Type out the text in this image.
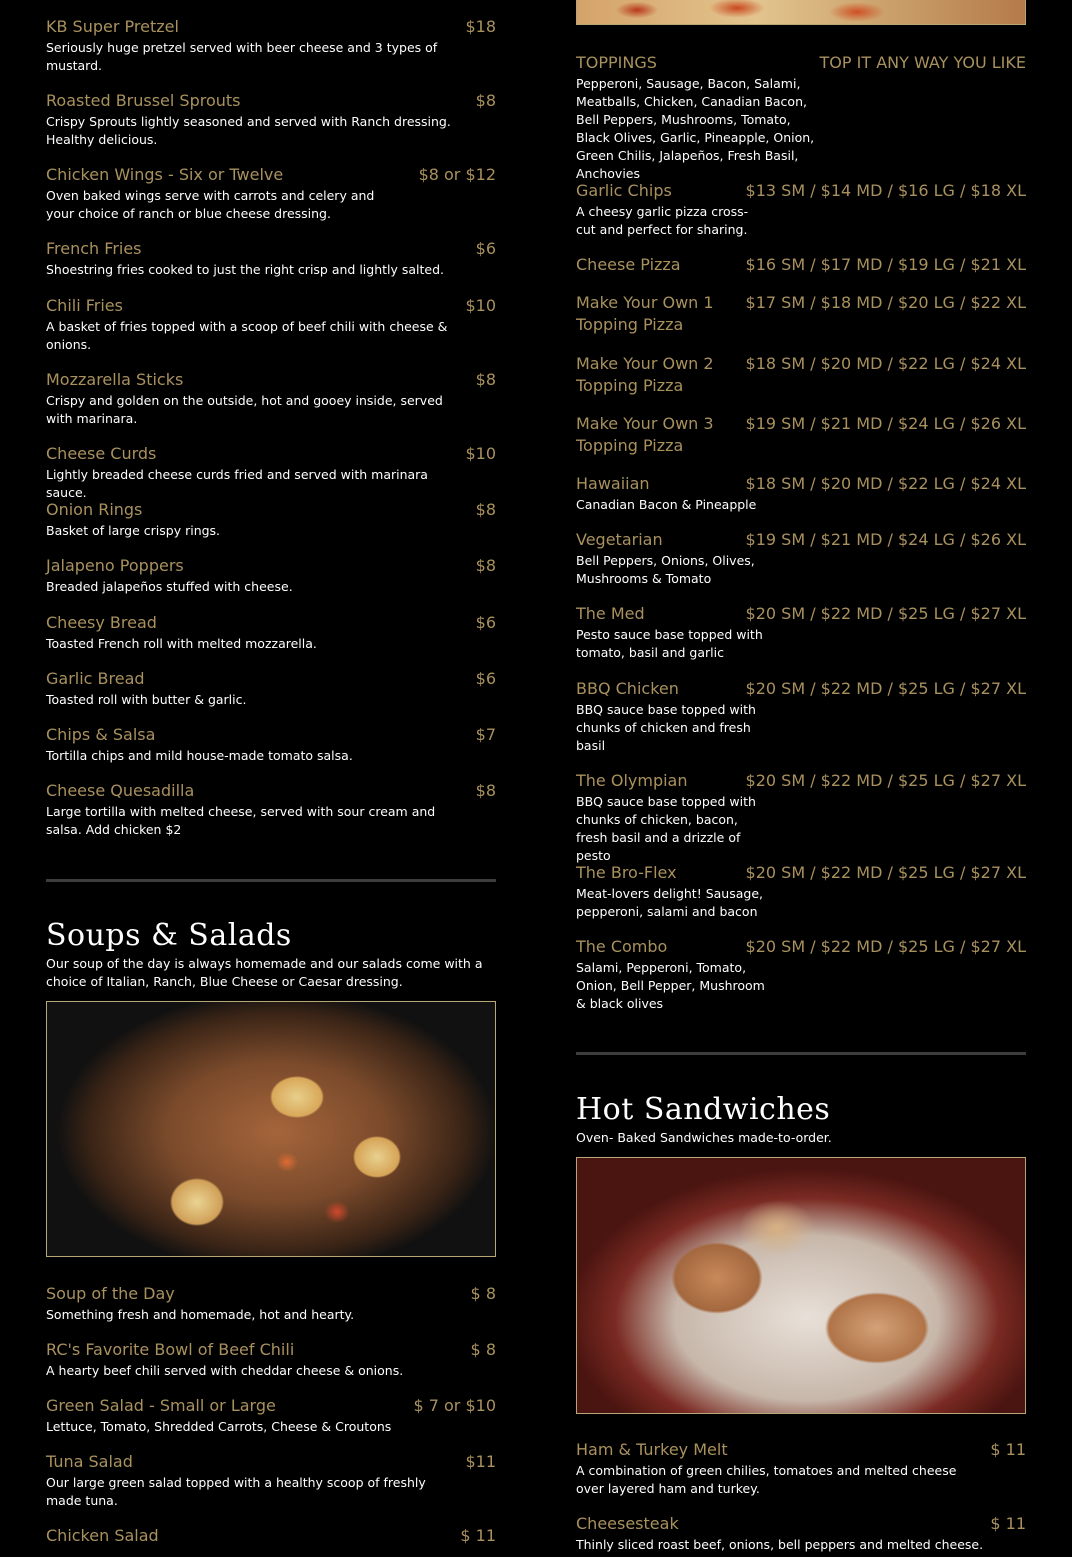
KB Super Pretzel	$18
Seriously huge pretzel served with beer cheese and 3 types of mustard.
Roasted Brussel Sprouts	$8
Crispy Sprouts lightly seasoned and served with Ranch dressing. Healthy delicious.
Chicken Wings - Six or Twelve	$8 or $12
Oven baked wings serve with carrots and celery and your choice of ranch or blue cheese dressing.
French Fries	$6
Shoestring fries cooked to just the right crisp and lightly salted.
Chili Fries	$10
A basket of fries topped with a scoop of beef chili with cheese & onions.
Mozzarella Sticks	$8
Crispy and golden on the outside, hot and gooey inside, served with marinara.
Cheese Curds	$10
Lightly breaded cheese curds fried and served with marinara sauce.
Onion Rings	$8
Basket of large crispy rings.
Jalapeno Poppers	$8
Breaded jalapeños stuffed with cheese.
Cheesy Bread	$6
Toasted French roll with melted mozzarella.
Garlic Bread	$6
Toasted roll with butter & garlic.
Chips & Salsa	$7
Tortilla chips and mild house-made tomato salsa.
Cheese Quesadilla	$8
Large tortilla with melted cheese, served with sour cream and salsa. Add chicken $2
Soups & Salads
Our soup of the day is always homemade and our salads come with a choice of Italian, Ranch, Blue Cheese or Caesar dressing.
Soup of the Day	$ 8
Something fresh and homemade, hot and hearty.
RC's Favorite Bowl of Beef Chili	$ 8
A hearty beef chili served with cheddar cheese & onions.
Green Salad - Small or Large	$ 7 or $10
Lettuce, Tomato, Shredded Carrots, Cheese & Croutons
Tuna Salad	$11
Our large green salad topped with a healthy scoop of freshly made tuna.
Chicken Salad	$ 11
TOPPINGS	TOP IT ANY WAY YOU LIKE
Pepperoni, Sausage, Bacon, Salami, Meatballs, Chicken, Canadian Bacon, Bell Peppers, Mushrooms, Tomato, Black Olives, Garlic, Pineapple, Onion, Green Chilis, Jalapeños, Fresh Basil, Anchovies
Garlic Chips	$13 SM / $14 MD / $16 LG / $18 XL
A cheesy garlic pizza cross-cut and perfect for sharing.
Cheese Pizza	$16 SM / $17 MD / $19 LG / $21 XL
Make Your Own 1 Topping Pizza
$17 SM / $18 MD / $20 LG / $22 XL
Make Your Own 2 Topping Pizza
$18 SM / $20 MD / $22 LG / $24 XL
Make Your Own 3 Topping Pizza
$19 SM / $21 MD / $24 LG / $26 XL
Hawaiian	$18 SM / $20 MD / $22 LG / $24 XL
Canadian Bacon & Pineapple
Vegetarian	$19 SM / $21 MD / $24 LG / $26 XL
Bell Peppers, Onions, Olives, Mushrooms & Tomato
The Med	$20 SM / $22 MD / $25 LG / $27 XL
Pesto sauce base topped with tomato, basil and garlic
BBQ Chicken	$20 SM / $22 MD / $25 LG / $27 XL
BBQ sauce base topped with chunks of chicken and fresh basil
The Olympian	$20 SM / $22 MD / $25 LG / $27 XL
BBQ sauce base topped with chunks of chicken, bacon, fresh basil and a drizzle of pesto
The Bro-Flex	$20 SM / $22 MD / $25 LG / $27 XL
Meat-lovers delight! Sausage, pepperoni, salami and bacon
The Combo	$20 SM / $22 MD / $25 LG / $27 XL
Salami, Pepperoni, Tomato, Onion, Bell Pepper, Mushroom & black olives
Hot Sandwiches
Oven- Baked Sandwiches made-to-order.
Ham & Turkey Melt	$ 11
A combination of green chilies, tomatoes and melted cheese over layered ham and turkey.
Cheesesteak	$ 11
Thinly sliced roast beef, onions, bell peppers and melted cheese.
